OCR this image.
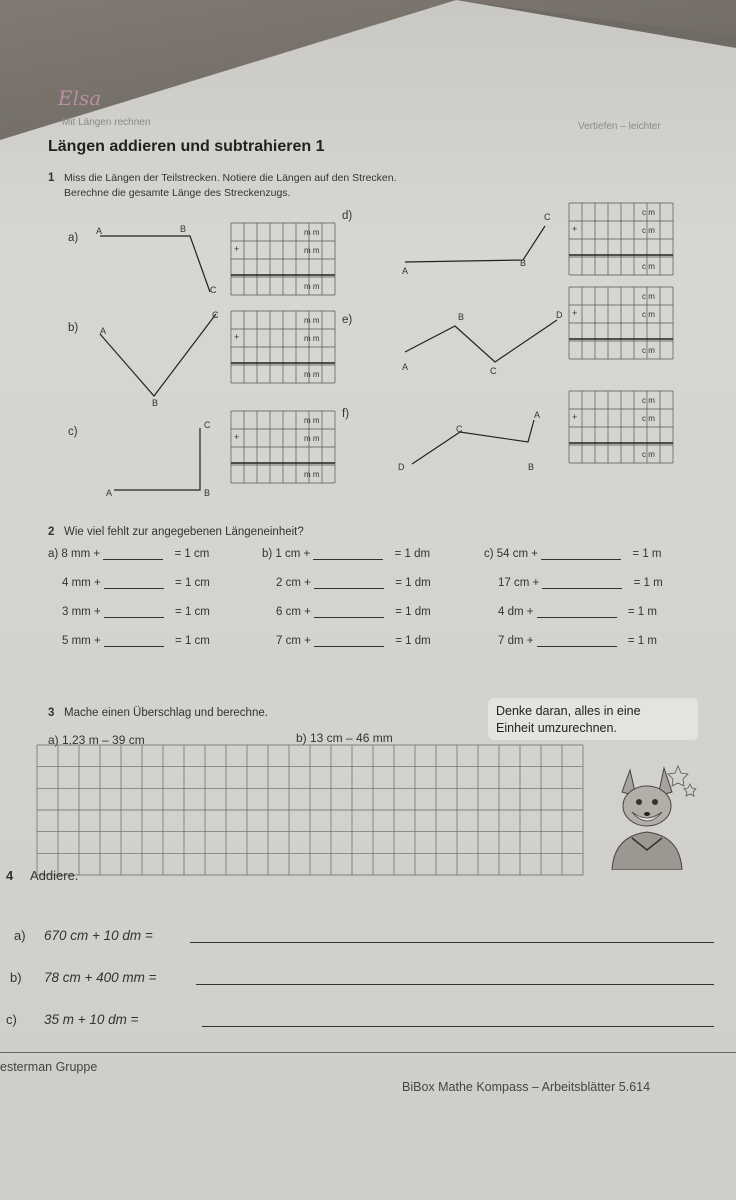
Elsa
Mit Längen rechnen	Vertiefen – leichter
Längen addieren und subtrahieren 1
1 Miss die Längen der Teilstrecken. Notiere die Längen auf den Strecken.
Berechne die gesamte Länge des Streckenzugs.
a)
A	B
C
b) A
C
B
c)
C
A	B
d)	C
A
B
e)	B	D
A	C
f)
C
A
D	B
m m
m m
m m
+
m m
m m
m m
+
m m
m m
m m
+
c m
c m
c m
+
c m
c m
c m
+
c m
c m
c m
+
2 Wie viel fehlt zur angegebenen Längeneinheit?
a) 8 mm +	= 1 cm
4 mm +	= 1 cm
3 mm +	= 1 cm
5 mm +	= 1 cm
b) 1 cm +	= 1 dm
2 cm +	= 1 dm
6 cm +	= 1 dm
7 cm +	= 1 dm
c) 54 cm +	= 1 m
17 cm +	= 1 m
4 dm +	= 1 m
7 dm +	= 1 m
3 Mache einen Überschlag und berechne.
a) 1,23 m – 39 cm	b) 13 cm – 46 mm
Denke daran, alles in eine
Einheit umzurechnen.
4 Addiere.
a) 670 cm + 10 dm =
b) 78 cm + 400 mm =
c) 35 m + 10 dm =
esterman Gruppe
BiBox Mathe Kompass – Arbeitsblätter 5.614
